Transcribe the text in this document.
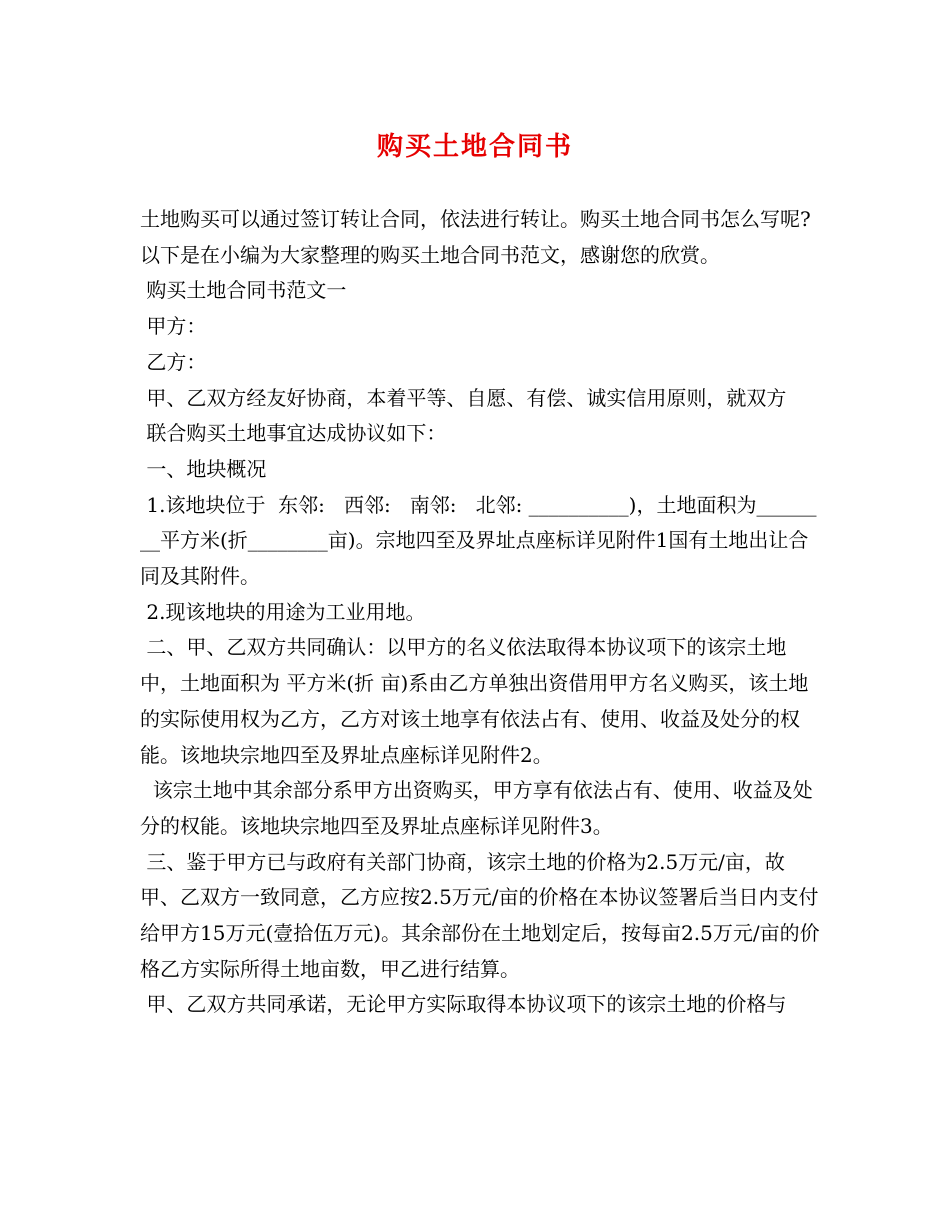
购买土地合同书

土地购买可以通过签订转让合同，依法进行转让。购买土地合同书怎么写呢?以下是在小编为大家整理的购买土地合同书范文，感谢您的欣赏。

购买土地合同书范文一

甲方：

乙方：

甲、乙双方经友好协商，本着平等、自愿、有偿、诚实信用原则，就双方

联合购买土地事宜达成协议如下：

一、地块概况

1.该地块位于  东邻:   西邻:   南邻:   北邻: __________)，土地面积为________平方米(折________亩)。宗地四至及界址点座标详见附件1国有土地出让合同及其附件。

2.现该地块的用途为工业用地。

二、甲、乙双方共同确认：以甲方的名义依法取得本协议项下的该宗土地中，土地面积为 平方米(折 亩)系由乙方单独出资借用甲方名义购买，该土地的实际使用权为乙方，乙方对该土地享有依法占有、使用、收益及处分的权能。该地块宗地四至及界址点座标详见附件2。

该宗土地中其余部分系甲方出资购买，甲方享有依法占有、使用、收益及处分的权能。该地块宗地四至及界址点座标详见附件3。

三、鉴于甲方已与政府有关部门协商，该宗土地的价格为2.5万元/亩，故甲、乙双方一致同意，乙方应按2.5万元/亩的价格在本协议签署后当日内支付给甲方15万元(壹拾伍万元)。其余部份在土地划定后，按每亩2.5万元/亩的价格乙方实际所得土地亩数，甲乙进行结算。

甲、乙双方共同承诺，无论甲方实际取得本协议项下的该宗土地的价格与
